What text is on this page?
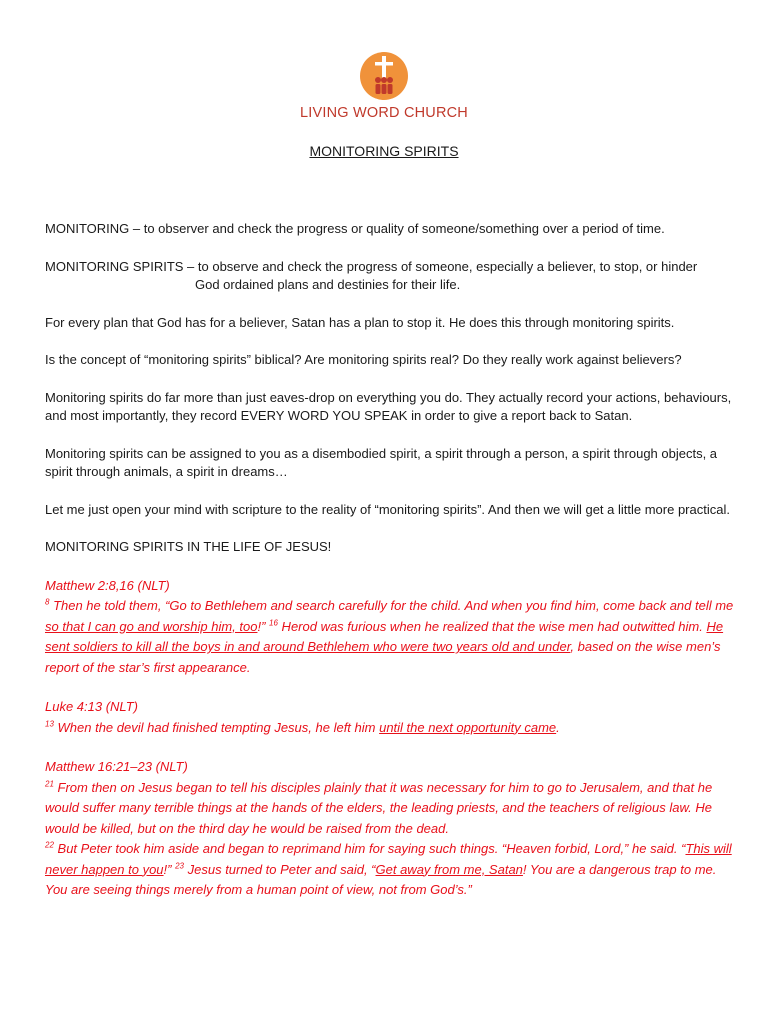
LIVING WORD CHURCH
MONITORING SPIRITS

MONITORING – to observer and check the progress or quality of someone/something over a period of time.

MONITORING SPIRITS – to observe and check the progress of someone, especially a believer, to stop, or hinder

God ordained plans and destinies for their life.

For every plan that God has for a believer, Satan has a plan to stop it. He does this through monitoring spirits.

Is the concept of “monitoring spirits” biblical? Are monitoring spirits real? Do they really work against believers?

Monitoring spirits do far more than just eaves-drop on everything you do. They actually record your actions, behaviours, and most importantly, they record EVERY WORD YOU SPEAK in order to give a report back to Satan.

Monitoring spirits can be assigned to you as a disembodied spirit, a spirit through a person, a spirit through objects, a spirit through animals, a spirit in dreams…

Let me just open your mind with scripture to the reality of “monitoring spirits”. And then we will get a little more practical.

MONITORING SPIRITS IN THE LIFE OF JESUS!

Matthew 2:8,16 (NLT)

$^8$ Then he told them, “Go to Bethlehem and search carefully for the child. And when you find him, come back and tell me so that I can go and worship him, too!” $^{16}$ Herod was furious when he realized that the wise men had outwitted him. He sent soldiers to kill all the boys in and around Bethlehem who were two years old and under, based on the wise men’s report of the star’s first appearance.

Luke 4:13 (NLT)

$^{13}$ When the devil had finished tempting Jesus, he left him until the next opportunity came.

Matthew 16:21–23 (NLT)

$^{21}$ From then on Jesus began to tell his disciples plainly that it was necessary for him to go to Jerusalem, and that he would suffer many terrible things at the hands of the elders, the leading priests, and the teachers of religious law. He would be killed, but on the third day he would be raised from the dead.

$^{22}$ But Peter took him aside and began to reprimand him for saying such things. “Heaven forbid, Lord,” he said. “This will never happen to you!” $^{23}$ Jesus turned to Peter and said, “Get away from me, Satan! You are a dangerous trap to me. You are seeing things merely from a human point of view, not from God’s.”
